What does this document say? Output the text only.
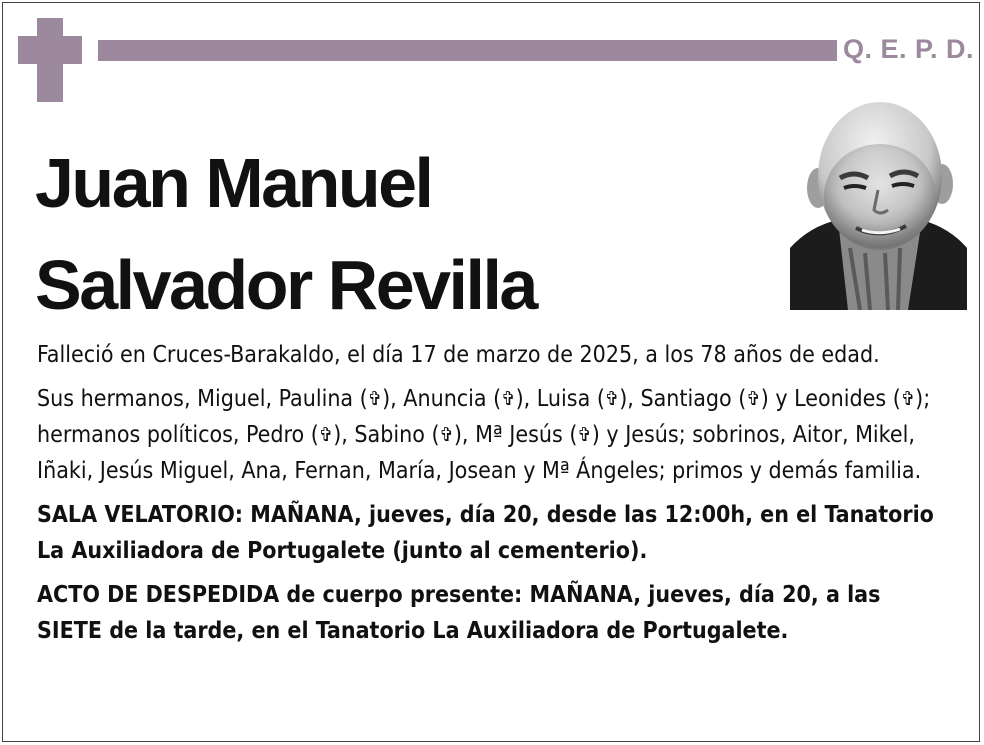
Q. E. P. D.
Juan Manuel
Salvador Revilla

Falleció en Cruces-Barakaldo, el día 17 de marzo de 2025, a los 78 años de edad.

Sus hermanos, Miguel, Paulina (✞), Anuncia (✞), Luisa (✞), Santiago (✞) y Leonides (✞); hermanos políticos, Pedro (✞), Sabino (✞), Mª Jesús (✞) y Jesús; sobrinos, Aitor, Mikel, Iñaki, Jesús Miguel, Ana, Fernan, María, Josean y Mª Ángeles; primos y demás familia.

SALA VELATORIO: MAÑANA, jueves, día 20, desde las 12:00h, en el Tanatorio La Auxiliadora de Portugalete (junto al cementerio).

ACTO DE DESPEDIDA de cuerpo presente: MAÑANA, jueves, día 20, a las SIETE de la tarde, en el Tanatorio La Auxiliadora de Portugalete.
